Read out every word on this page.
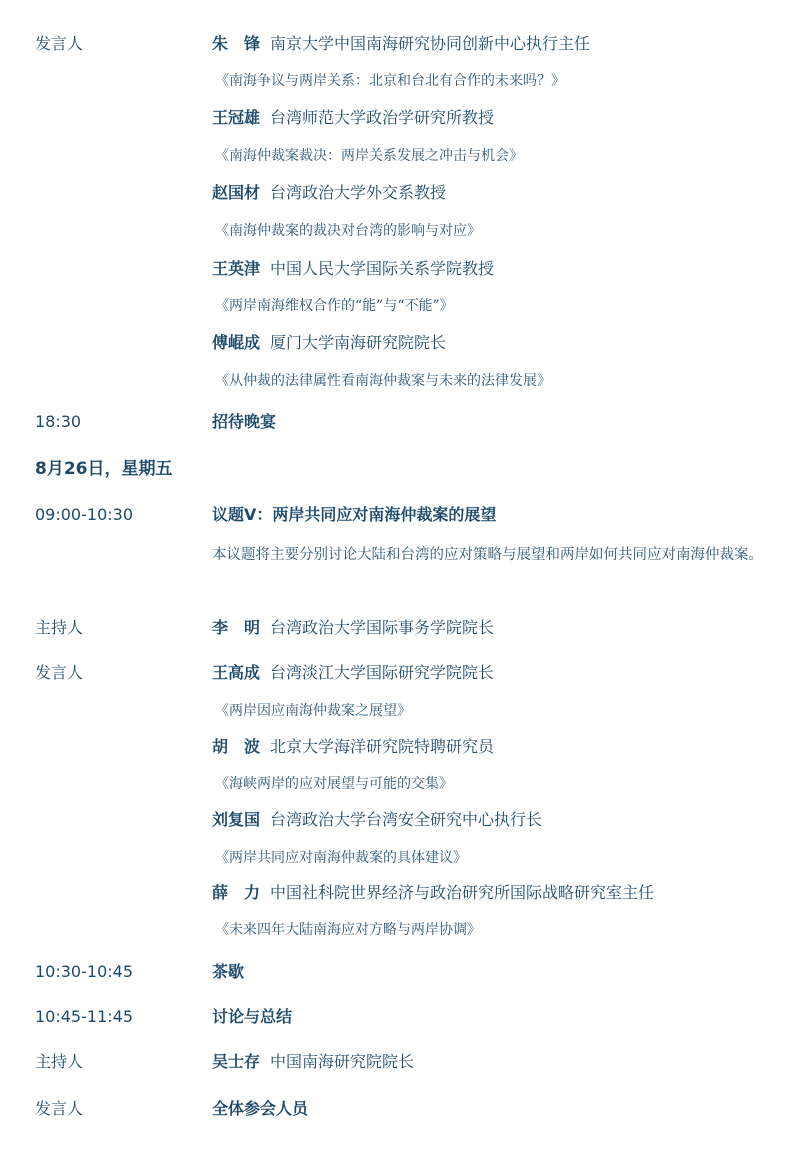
发言人	朱　锋 南京大学中国南海研究协同创新中心执行主任
《南海争议与两岸关系：北京和台北有合作的未来吗？》
王冠雄 台湾师范大学政治学研究所教授
《南海仲裁案裁决：两岸关系发展之冲击与机会》
赵国材 台湾政治大学外交系教授
《南海仲裁案的裁决对台湾的影响与对应》
王英津 中国人民大学国际关系学院教授
《两岸南海维权合作的“能”与“不能”》
傅崐成 厦门大学南海研究院院长
《从仲裁的法律属性看南海仲裁案与未来的法律发展》
18:30	招待晚宴
8月26日，星期五
09:00-10:30	议题V：两岸共同应对南海仲裁案的展望
本议题将主要分别讨论大陆和台湾的应对策略与展望和两岸如何共同应对南海仲裁案。
主持人	李　明 台湾政治大学国际事务学院院长
发言人	王高成 台湾淡江大学国际研究学院院长
《两岸因应南海仲裁案之展望》
胡　波 北京大学海洋研究院特聘研究员
《海峡两岸的应对展望与可能的交集》
刘复国 台湾政治大学台湾安全研究中心执行长
《两岸共同应对南海仲裁案的具体建议》
薛　力 中国社科院世界经济与政治研究所国际战略研究室主任
《未来四年大陆南海应对方略与两岸协调》
10:30-10:45	茶歇
10:45-11:45	讨论与总结
主持人	吴士存 中国南海研究院院长
发言人	全体参会人员
